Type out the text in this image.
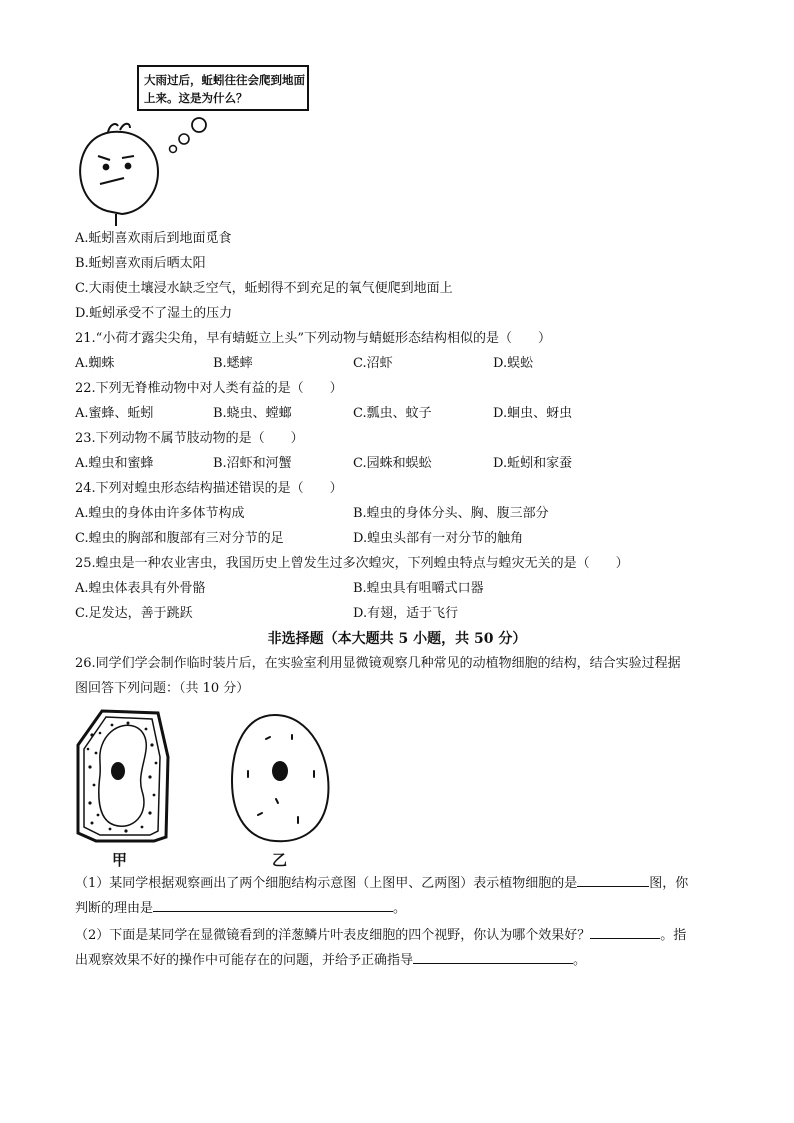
大雨过后，蚯蚓往往会爬到地面
上来。这是为什么？
A.蚯蚓喜欢雨后到地面觅食
B.蚯蚓喜欢雨后晒太阳
C.大雨使土壤浸水缺乏空气，蚯蚓得不到充足的氧气便爬到地面上
D.蚯蚓承受不了湿土的压力
21.“小荷才露尖尖角，早有蜻蜓立上头”下列动物与蜻蜓形态结构相似的是（　　）
A.蜘蛛	B.蟋蟀	C.沼虾	D.蜈蚣
22.下列无脊椎动物中对人类有益的是（　　）
A.蜜蜂、蚯蚓	B.蛲虫、螳螂	C.瓢虫、蚊子	D.蛔虫、蚜虫
23.下列动物不属节肢动物的是（　　）
A.蝗虫和蜜蜂	B.沼虾和河蟹	C.园蛛和蜈蚣	D.蚯蚓和家蚕
24.下列对蝗虫形态结构描述错误的是（　　）
A.蝗虫的身体由许多体节构成	B.蝗虫的身体分头、胸、腹三部分
C.蝗虫的胸部和腹部有三对分节的足	D.蝗虫头部有一对分节的触角
25.蝗虫是一种农业害虫，我国历史上曾发生过多次蝗灾，下列蝗虫特点与蝗灾无关的是（　　）
A.蝗虫体表具有外骨骼	B.蝗虫具有咀嚼式口器
C.足发达，善于跳跃	D.有翅，适于飞行
非选择题（本大题共 5 小题，共 50 分）
26.同学们学会制作临时装片后，在实验室利用显微镜观察几种常见的动植物细胞的结构，结合实验过程据
图回答下列问题：（共 10 分）
甲	乙
（1）某同学根据观察画出了两个细胞结构示意图（上图甲、乙两图）表示植物细胞的是	图，你
判断的理由是	。
（2）下面是某同学在显微镜看到的洋葱鳞片叶表皮细胞的四个视野，你认为哪个效果好？	。指
出观察效果不好的操作中可能存在的问题，并给予正确指导	。
